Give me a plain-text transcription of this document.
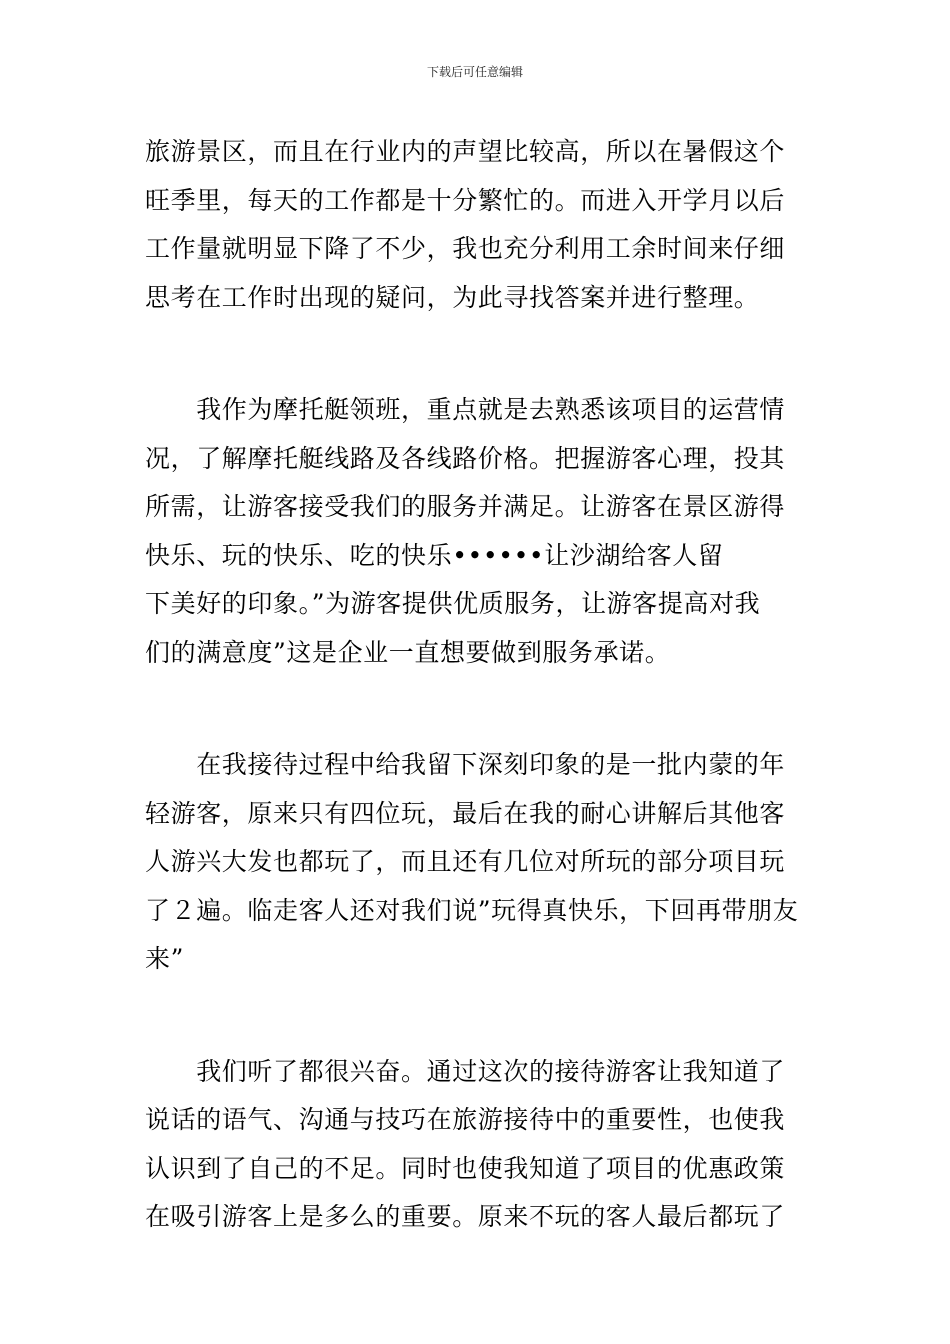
下载后可任意编辑

旅游景区，而且在行业内的声望比较高，所以在暑假这个
旺季里，每天的工作都是十分繁忙的。而进入开学月以后
工作量就明显下降了不少，我也充分利用工余时间来仔细
思考在工作时出现的疑问，为此寻找答案并进行整理。

　　我作为摩托艇领班，重点就是去熟悉该项目的运营情
况，了解摩托艇线路及各线路价格。把握游客心理，投其
所需，让游客接受我们的服务并满足。让游客在景区游得
快乐、玩的快乐、吃的快乐••••••让沙湖给客人留
下美好的印象。”为游客提供优质服务，让游客提高对我
们的满意度”这是企业一直想要做到服务承诺。

　　在我接待过程中给我留下深刻印象的是一批内蒙的年
轻游客，原来只有四位玩，最后在我的耐心讲解后其他客
人游兴大发也都玩了，而且还有几位对所玩的部分项目玩
了２遍。临走客人还对我们说”玩得真快乐，下回再带朋友
来”

　　我们听了都很兴奋。通过这次的接待游客让我知道了
说话的语气、沟通与技巧在旅游接待中的重要性，也使我
认识到了自己的不足。同时也使我知道了项目的优惠政策
在吸引游客上是多么的重要。原来不玩的客人最后都玩了
